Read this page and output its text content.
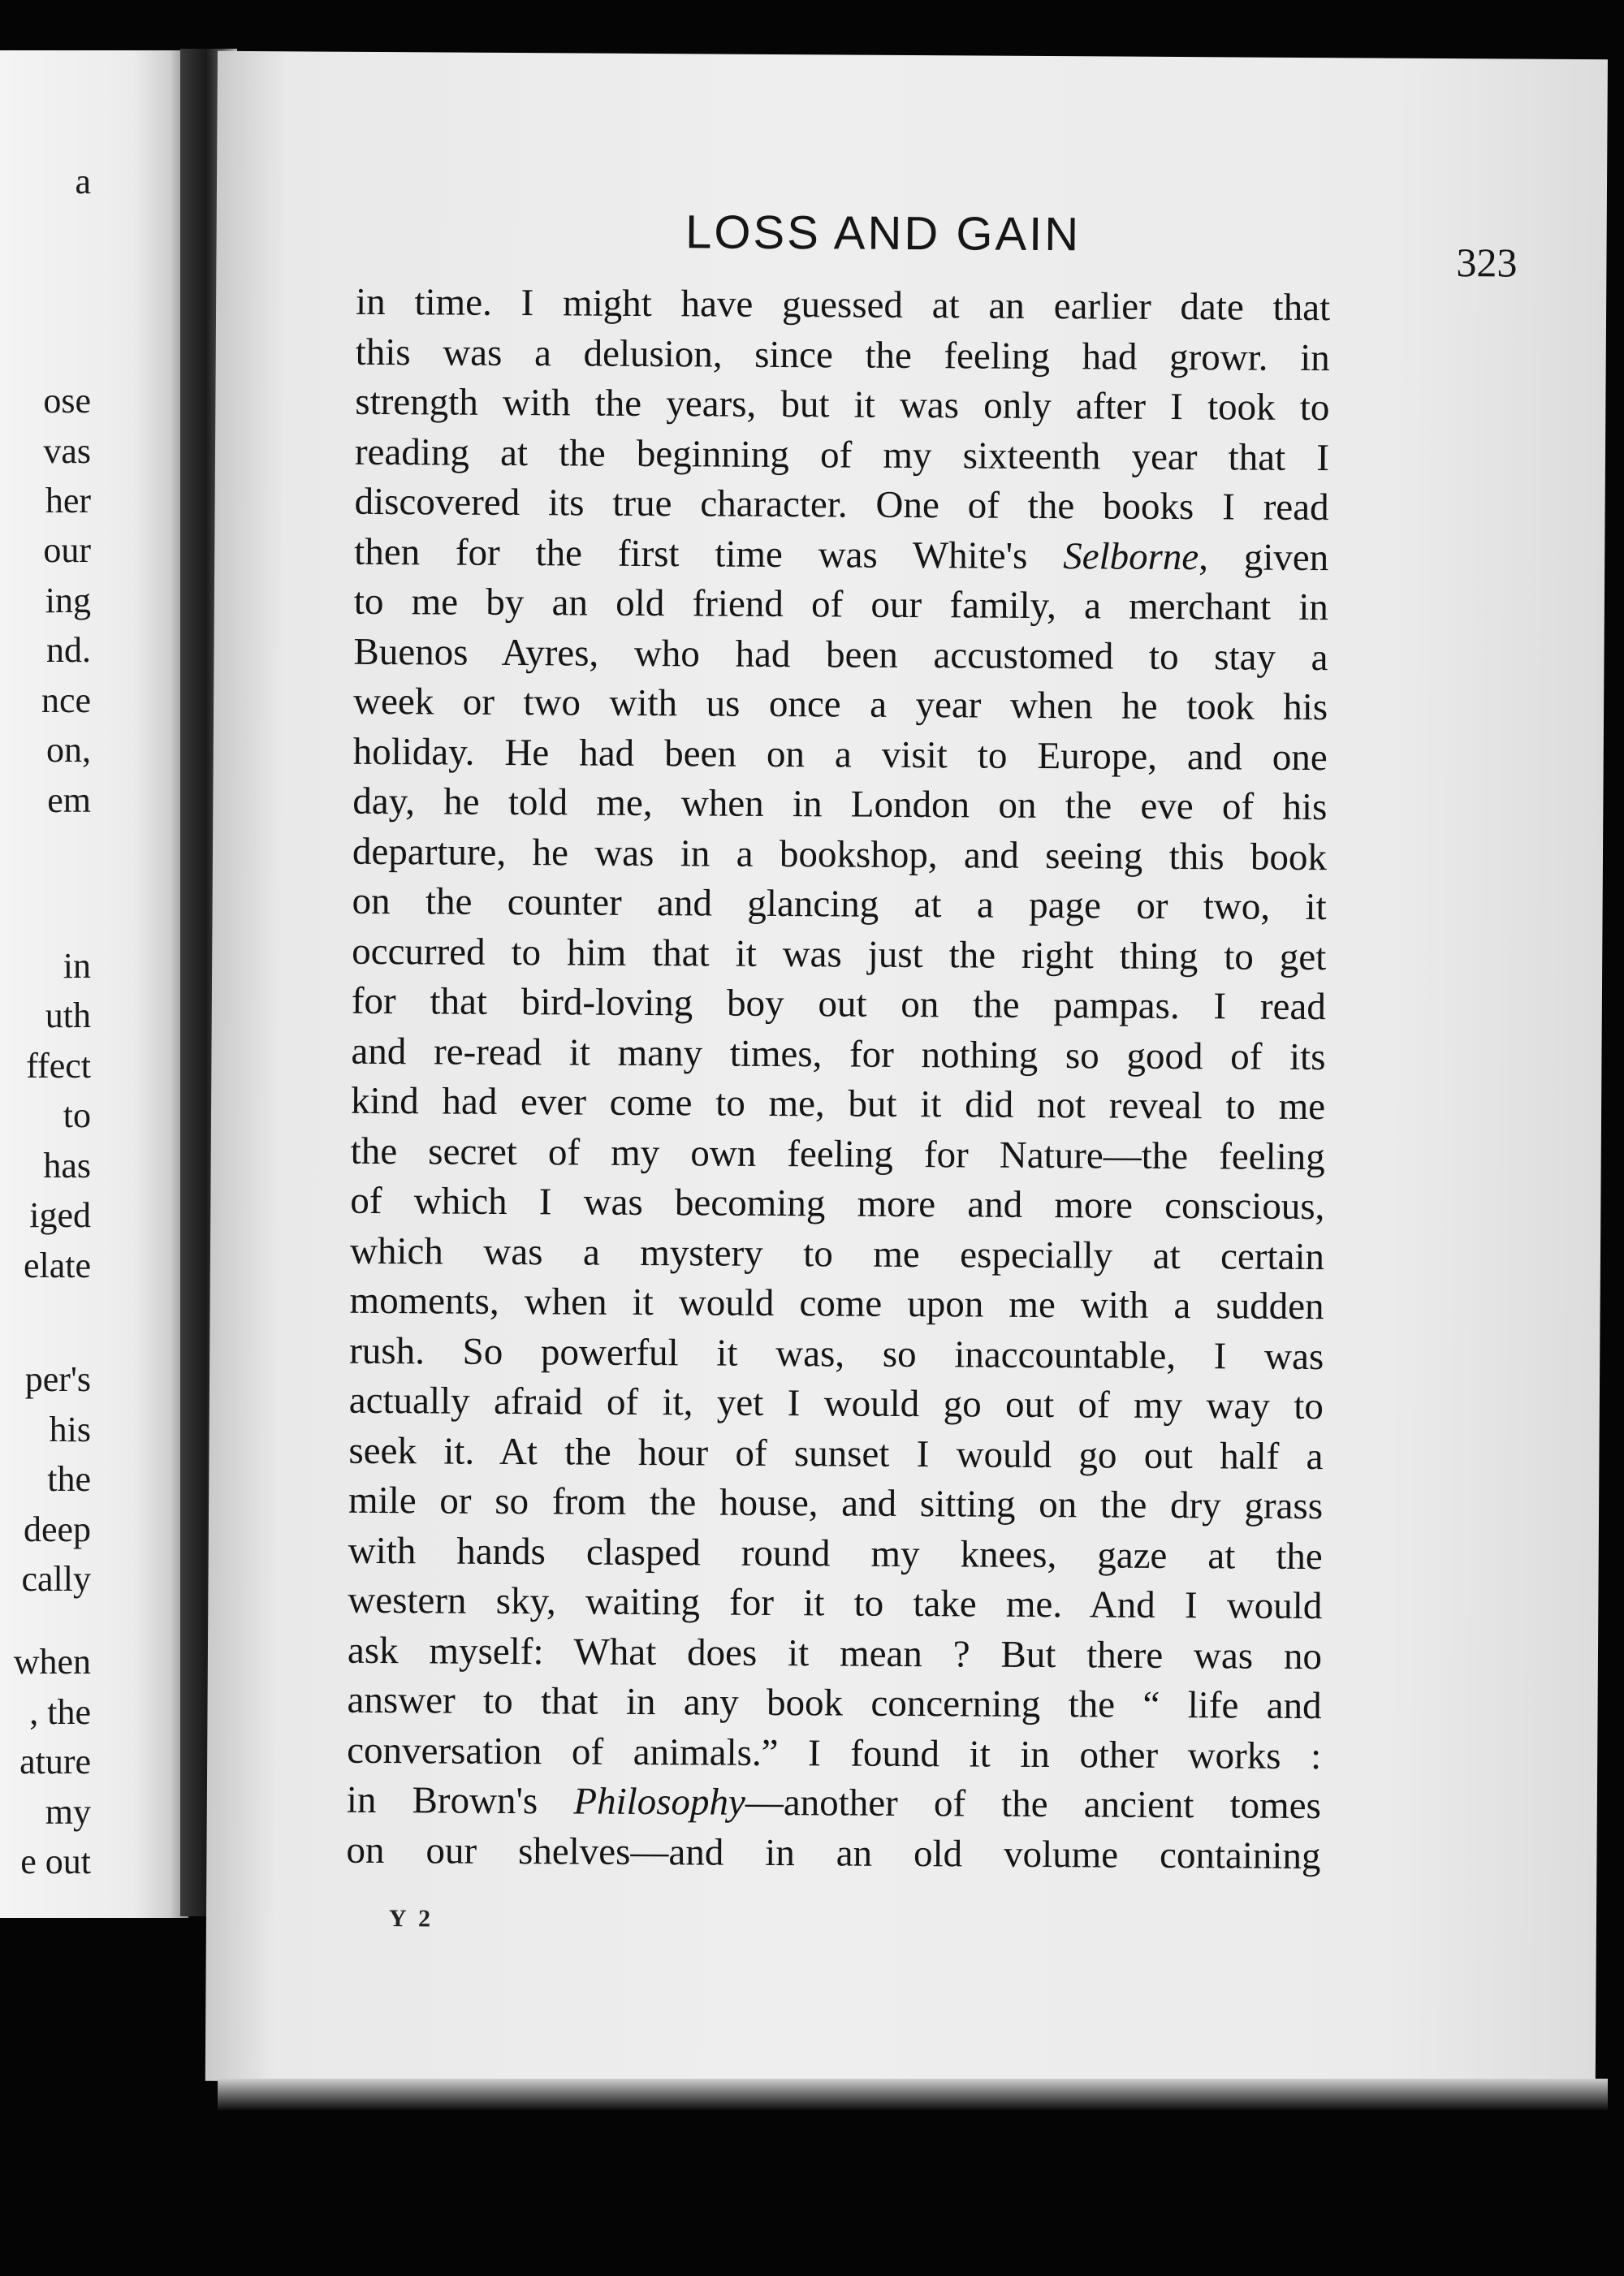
a
ose
vas
her
our
ing
nd.
nce
on,
em
in
uth
ffect
to
has
iged
elate
per's
his
the
deep
cally
when
, the
ature
my
e out
LOSS AND GAIN
323
in time. I might have guessed at an earlier date that
this was a delusion, since the feeling had growr. in
strength with the years, but it was only after I took to
reading at the beginning of my sixteenth year that I
discovered its true character. One of the books I read
then for the first time was White's Selborne, given
to me by an old friend of our family, a merchant in
Buenos Ayres, who had been accustomed to stay a
week or two with us once a year when he took his
holiday. He had been on a visit to Europe, and one
day, he told me, when in London on the eve of his
departure, he was in a bookshop, and seeing this book
on the counter and glancing at a page or two, it
occurred to him that it was just the right thing to get
for that bird-loving boy out on the pampas. I read
and re-read it many times, for nothing so good of its
kind had ever come to me, but it did not reveal to me
the secret of my own feeling for Nature—the feeling
of which I was becoming more and more conscious,
which was a mystery to me especially at certain
moments, when it would come upon me with a sudden
rush. So powerful it was, so inaccountable, I was
actually afraid of it, yet I would go out of my way to
seek it. At the hour of sunset I would go out half a
mile or so from the house, and sitting on the dry grass
with hands clasped round my knees, gaze at the
western sky, waiting for it to take me. And I would
ask myself: What does it mean ? But there was no
answer to that in any book concerning the “ life and
conversation of animals.” I found it in other works :
in Brown's Philosophy—another of the ancient tomes
on our shelves—and in an old volume containing
Y 2
